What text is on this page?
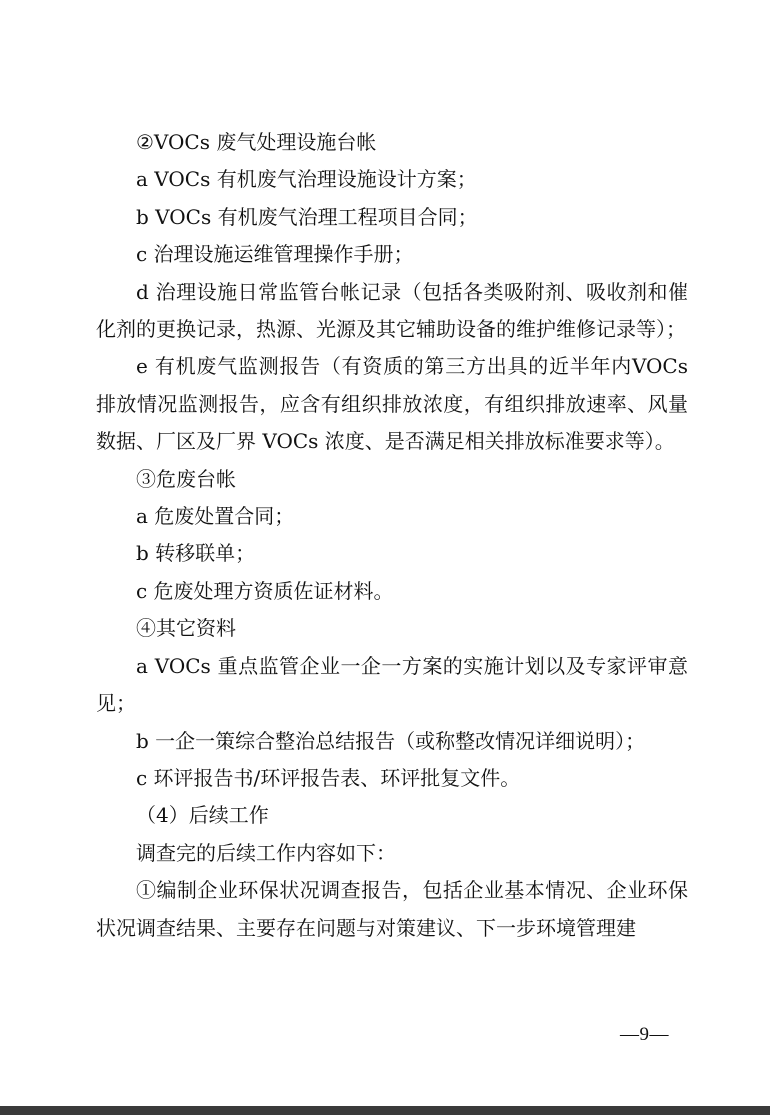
②VOCs 废气处理设施台帐

a VOCs 有机废气治理设施设计方案；

b VOCs 有机废气治理工程项目合同；

c 治理设施运维管理操作手册；

d 治理设施日常监管台帐记录（包括各类吸附剂、吸收剂和催化剂的更换记录，热源、光源及其它辅助设备的维护维修记录等）；

e 有机废气监测报告（有资质的第三方出具的近半年内VOCs 排放情况监测报告，应含有组织排放浓度，有组织排放速率、风量数据、厂区及厂界 VOCs 浓度、是否满足相关排放标准要求等）。

③危废台帐

a 危废处置合同；

b 转移联单；

c 危废处理方资质佐证材料。

④其它资料

a VOCs 重点监管企业一企一方案的实施计划以及专家评审意见；

b 一企一策综合整治总结报告（或称整改情况详细说明）；

c 环评报告书/环评报告表、环评批复文件。

（4）后续工作

调查完的后续工作内容如下：

①编制企业环保状况调查报告，包括企业基本情况、企业环保状况调查结果、主要存在问题与对策建议、下一步环境管理建

—9—
